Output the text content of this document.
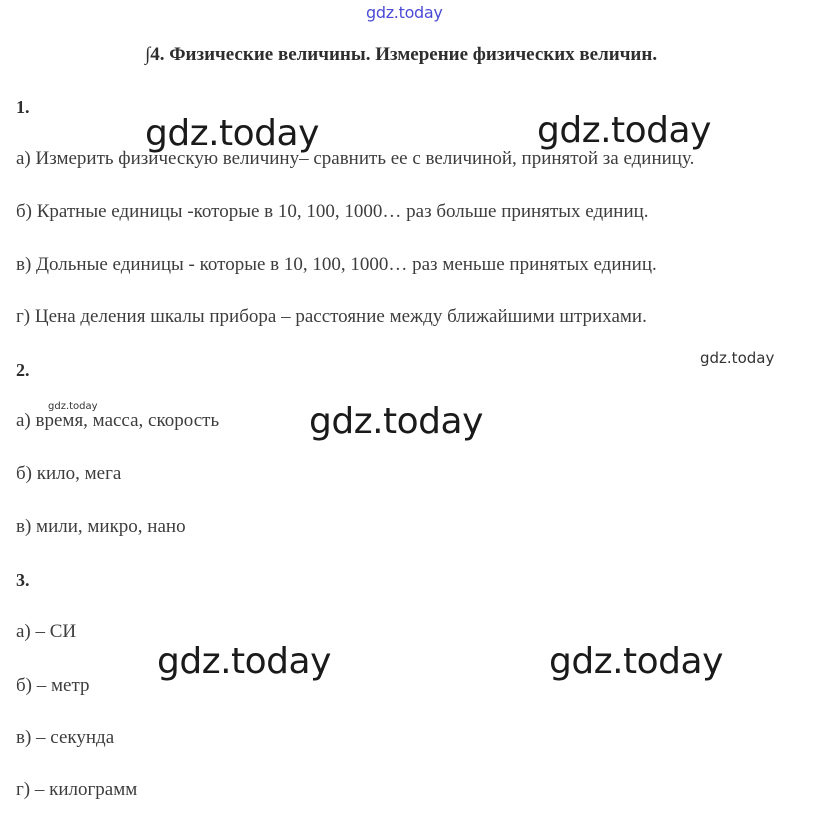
gdz.today
∫4. Физические величины. Измерение физических величин.
1.
а) Измерить физическую величину– сравнить ее с величиной, принятой за единицу.
б) Кратные единицы -которые в 10, 100, 1000… раз больше принятых единиц.
в) Дольные единицы - которые в 10, 100, 1000… раз меньше принятых единиц.
г) Цена деления шкалы прибора – расстояние между ближайшими штрихами.
2.
а) время, масса, скорость
б) кило, мега
в) мили, микро, нано
3.
а) – СИ
б) – метр
в) – секунда
г) – килограмм
gdz.today	gdz.today
gdz.today
gdz.today	gdz.today
gdz.today	gdz.today
